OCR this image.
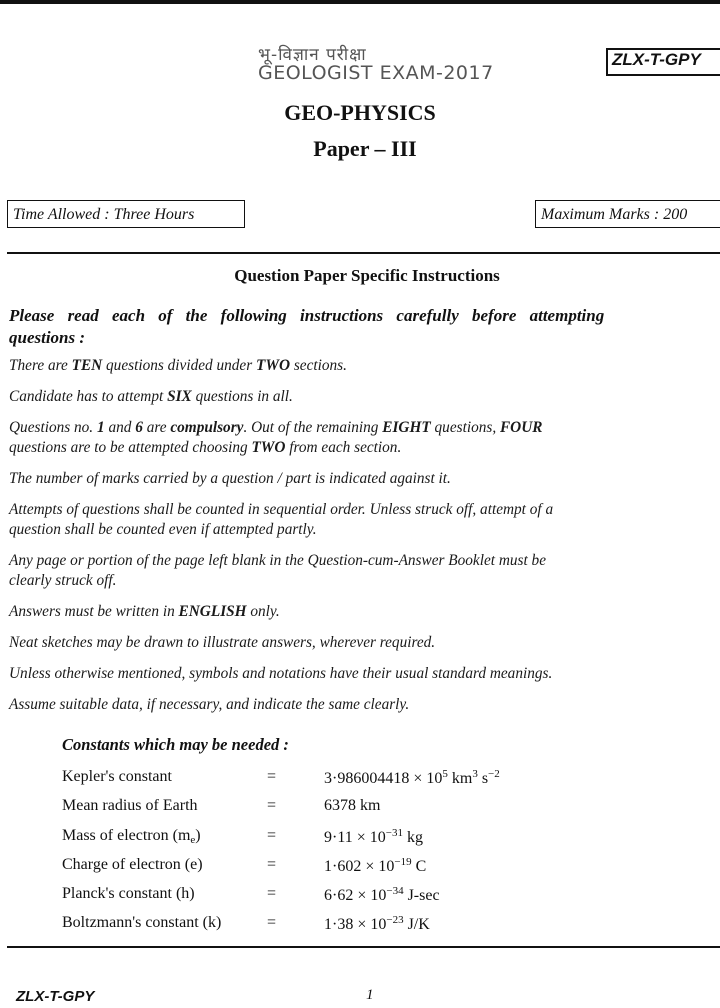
भू-विज्ञान परीक्षा
GEOLOGIST EXAM-2017
ZLX-T-GPY
GEO-PHYSICS
Paper – III
Time Allowed : Three Hours	Maximum Marks : 200
Question Paper Specific Instructions
Please read each of the following instructions carefully before attempting
questions :
There are TEN questions divided under TWO sections.
Candidate has to attempt SIX questions in all.
Questions no. 1 and 6 are compulsory. Out of the remaining EIGHT questions, FOUR
questions are to be attempted choosing TWO from each section.
The number of marks carried by a question / part is indicated against it.
Attempts of questions shall be counted in sequential order. Unless struck off, attempt of a
question shall be counted even if attempted partly.
Any page or portion of the page left blank in the Question-cum-Answer Booklet must be
clearly struck off.
Answers must be written in ENGLISH only.
Neat sketches may be drawn to illustrate answers, wherever required.
Unless otherwise mentioned, symbols and notations have their usual standard meanings.
Assume suitable data, if necessary, and indicate the same clearly.
Constants which may be needed :
Kepler's constant	=	$3\cdot 986004418 \times 10^5$ $km^3$ $s^{-2}$
Mean radius of Earth	=	6378 km
Mass of electron $(m_e)$	=	$9\cdot 11 \times 10^{-31}$ kg
Charge of electron (e)	=	$1\cdot 602 \times 10^{-19}$ C
Planck's constant (h)	=	$6\cdot 62 \times 10^{-34}$ J-sec
Boltzmann's constant (k)	=	$1\cdot 38 \times 10^{-23}$ J/K
ZLX-T-GPY	1
